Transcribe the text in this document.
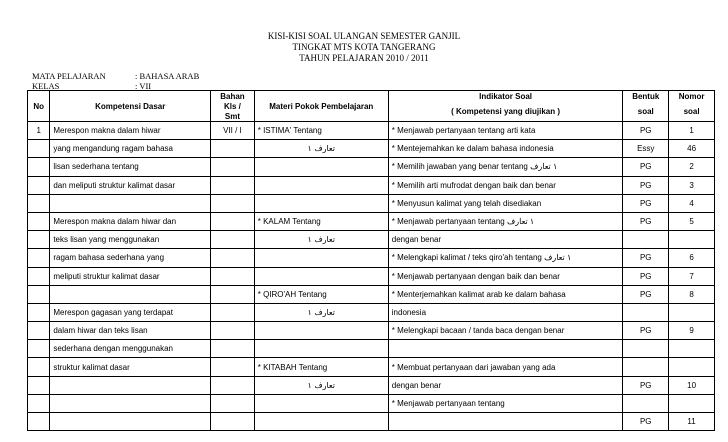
KISI-KISI SOAL ULANGAN SEMESTER GANJIL
TINGKAT MTS KOTA TANGERANG
TAHUN PELAJARAN 2010 / 2011
MATA PELAJARAN	: BAHASA ARAB
KELAS	: VII
No	Kompetensi Dasar	Bahan	Materi Pokok Pembelajaran	Indikator Soal	Bentuk	Nomor
		Kls /		( Kompetensi yang diujikan )	soal	soal
		Smt				
1	Merespon makna dalam hiwar	VII / I	* ISTIMA' Tentang	* Menjawab pertanyaan tentang arti kata	PG	1
	yang mengandung ragam bahasa		تعارف ١	* Mentejemahkan ke dalam bahasa indonesia	Essy	46
	lisan sederhana tentang			* Memilih jawaban yang benar tentang ١ تعارف	PG	2
	dan meliputi struktur kalimat dasar			* Memilih arti mufrodat dengan baik dan benar	PG	3
				* Menyusun kalimat yang telah disediakan	PG	4
	Merespon makna dalam hiwar dan		* KALAM Tentang	* Menjawab pertanyaan tentang ١ تعارف	PG	5
	teks lisan yang menggunakan		تعارف ١	dengan benar		
	ragam bahasa sederhana yang			* Melengkapi kalimat / teks qiro'ah tentang ١ تعارف	PG	6
	meliputi struktur kalimat dasar			* Menjawab pertanyaan dengan baik dan benar	PG	7
			* QIRO'AH Tentang	* Menterjemahkan kalimat arab ke dalam bahasa	PG	8
	Merespon gagasan yang terdapat		تعارف ١	indonesia		
	dalam hiwar dan teks lisan			* Melengkapi bacaan / tanda baca dengan benar	PG	9
	sederhana dengan menggunakan					
	struktur kalimat dasar		* KITABAH Tentang	* Membuat pertanyaan dari jawaban yang ada		
			تعارف ١	dengan benar	PG	10
				* Menjawab pertanyaan tentang		
					PG	11
